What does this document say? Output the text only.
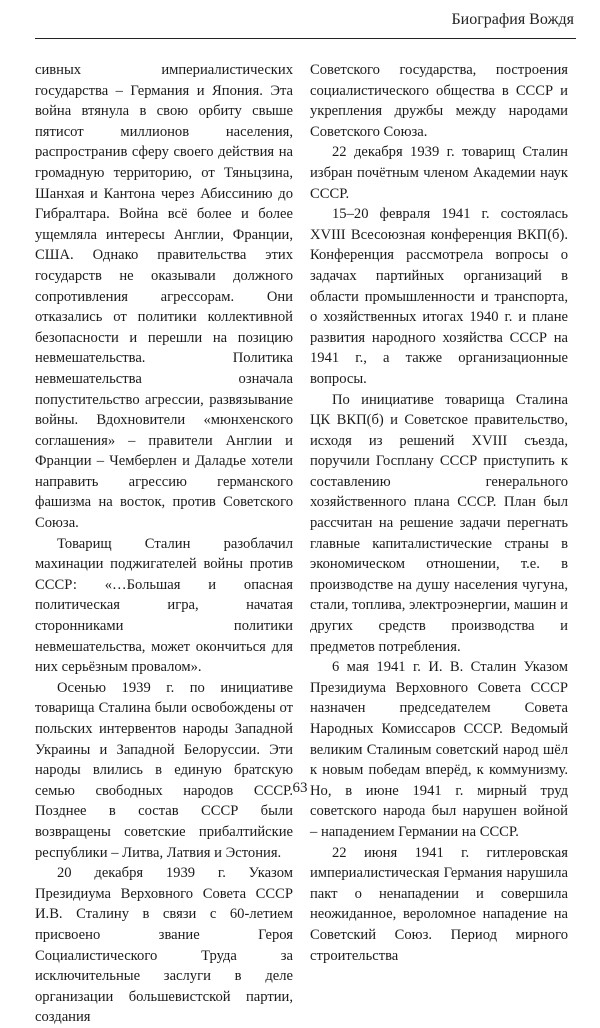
Биография Вождя

сивных империалистических государства – Германия и Япония. Эта война втянула в свою орбиту свыше пятисот миллионов населения, распространив сферу своего действия на громадную территорию, от Тяньцзина, Шанхая и Кантона через Абиссинию до Гибралтара. Война всё более и более ущемляла интересы Англии, Франции, США. Однако правительства этих государств не оказывали должного сопротивления агрессорам. Они отказались от политики коллективной безопасности и перешли на позицию невмешательства. Политика невмешательства означала попустительство агрессии, развязывание войны. Вдохновители «мюнхенского соглашения» – правители Англии и Франции – Чемберлен и Даладье хотели направить агрессию германского фашизма на восток, против Советского Союза.

Товарищ Сталин разоблачил махинации поджигателей войны против СССР: «…Большая и опасная политическая игра, начатая сторонниками политики невмешательства, может окончиться для них серьёзным провалом».

Осенью 1939 г. по инициативе товарища Сталина были освобождены от польских интервентов народы Западной Украины и Западной Белоруссии. Эти народы влились в единую братскую семью свободных народов СССР. Позднее в состав СССР были возвращены советские прибалтийские республики – Литва, Латвия и Эстония.

20 декабря 1939 г. Указом Президиума Верховного Совета СССР И.В. Сталину в связи с 60-летием присвоено звание Героя Социалистического Труда за исключительные заслуги в деле организации большевистской партии, создания

Советского государства, построения социалистического общества в СССР и укрепления дружбы между народами Советского Союза.

22 декабря 1939 г. товарищ Сталин избран почётным членом Академии наук СССР.

15–20 февраля 1941 г. состоялась XVIII Всесоюзная конференция ВКП(б). Конференция рассмотрела вопросы о задачах партийных организаций в области промышленности и транспорта, о хозяйственных итогах 1940 г. и плане развития народного хозяйства СССР на 1941 г., а также организационные вопросы.

По инициативе товарища Сталина ЦК ВКП(б) и Советское правительство, исходя из решений XVIII съезда, поручили Госплану СССР приступить к составлению генерального хозяйственного плана СССР. План был рассчитан на решение задачи перегнать главные капиталистические страны в экономическом отношении, т.е. в производстве на душу населения чугуна, стали, топлива, электроэнергии, машин и других средств производства и предметов потребления.

6 мая 1941 г. И. В. Сталин Указом Президиума Верховного Совета СССР назначен председателем Совета Народных Комиссаров СССР. Ведомый великим Сталиным советский народ шёл к новым победам вперёд, к коммунизму. Но, в июне 1941 г. мирный труд советского народа был нарушен войной – нападением Германии на СССР.

22 июня 1941 г. гитлеровская империалистическая Германия нарушила пакт о ненападении и совершила неожиданное, вероломное нападение на Советский Союз. Период мирного строительства

63
